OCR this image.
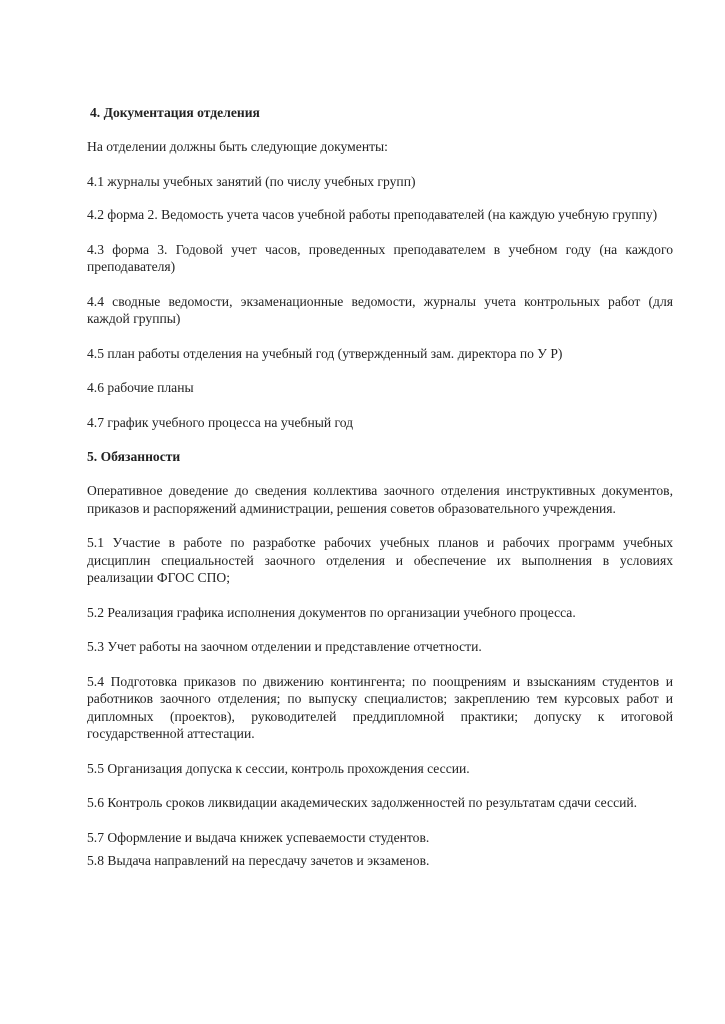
4. Документация отделения

На отделении должны быть следующие документы:

4.1 журналы учебных занятий (по числу учебных групп)

4.2 форма 2. Ведомость учета часов учебной работы преподавателей (на каждую учебную группу)

4.3 форма 3. Годовой учет часов, проведенных преподавателем в учебном году (на каждого преподавателя)

4.4 сводные ведомости, экзаменационные ведомости, журналы учета контрольных работ (для каждой группы)

4.5 план работы отделения на учебный год (утвержденный зам. директора по У Р)

4.6 рабочие планы

4.7 график учебного процесса на учебный год

5. Обязанности

Оперативное доведение до сведения коллектива заочного отделения инструктивных документов, приказов и распоряжений администрации, решения советов образовательного учреждения.

5.1 Участие в работе по разработке рабочих учебных планов и рабочих программ учебных дисциплин специальностей заочного отделения и обеспечение их выполнения в условиях реализации ФГОС СПО;

5.2 Реализация графика исполнения документов по организации учебного процесса.

5.3 Учет работы на заочном отделении и представление отчетности.

5.4 Подготовка приказов по движению контингента; по поощрениям и взысканиям студентов и работников заочного отделения; по выпуску специалистов; закреплению тем курсовых работ и дипломных (проектов), руководителей преддипломной практики; допуску к итоговой государственной аттестации.

5.5 Организация допуска к сессии, контроль прохождения сессии.

5.6 Контроль сроков ликвидации академических задолженностей по результатам сдачи сессий.

5.7 Оформление и выдача книжек успеваемости студентов.

5.8 Выдача направлений на пересдачу зачетов и экзаменов.
